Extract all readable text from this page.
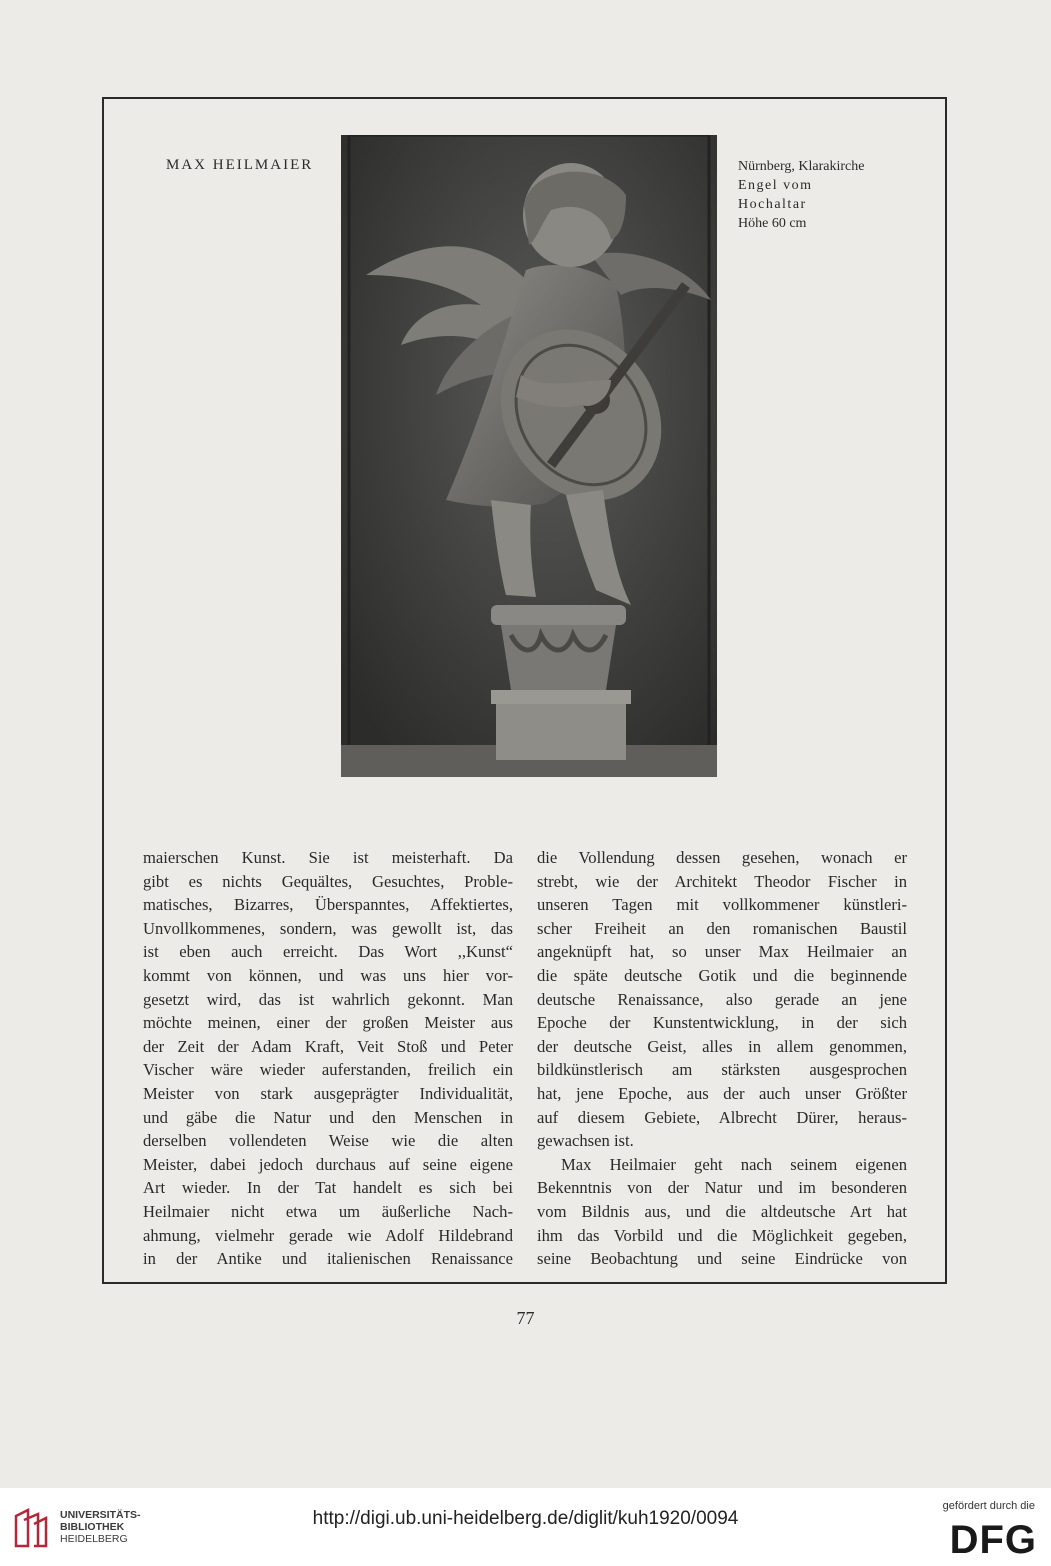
MAX HEILMAIER	Nürnberg, Klarakirche
Engel vom
Hochaltar
Höhe 60 cm
maierschen Kunst. Sie ist meisterhaft. Da
gibt es nichts Gequältes, Gesuchtes, Proble-
matisches, Bizarres, Überspanntes, Affektiertes,
Unvollkommenes, sondern, was gewollt ist, das
ist eben auch erreicht. Das Wort ,,Kunst“
kommt von können, und was uns hier vor-
gesetzt wird, das ist wahrlich gekonnt. Man
möchte meinen, einer der großen Meister aus
der Zeit der Adam Kraft, Veit Stoß und Peter
Vischer wäre wieder auferstanden, freilich ein
Meister von stark ausgeprägter Individualität,
und gäbe die Natur und den Menschen in
derselben vollendeten Weise wie die alten
Meister, dabei jedoch durchaus auf seine eigene
Art wieder. In der Tat handelt es sich bei
Heilmaier nicht etwa um äußerliche Nach-
ahmung, vielmehr gerade wie Adolf Hildebrand
in der Antike und italienischen Renaissance
die Vollendung dessen gesehen, wonach er
strebt, wie der Architekt Theodor Fischer in
unseren Tagen mit vollkommener künstleri-
scher Freiheit an den romanischen Baustil
angeknüpft hat, so unser Max Heilmaier an
die späte deutsche Gotik und die beginnende
deutsche Renaissance, also gerade an jene
Epoche der Kunstentwicklung, in der sich
der deutsche Geist, alles in allem genommen,
bildkünstlerisch am stärksten ausgesprochen
hat, jene Epoche, aus der auch unser Größter
auf diesem Gebiete, Albrecht Dürer, heraus-
gewachsen ist.
Max Heilmaier geht nach seinem eigenen
Bekenntnis von der Natur und im besonderen
vom Bildnis aus, und die altdeutsche Art hat
ihm das Vorbild und die Möglichkeit gegeben,
seine Beobachtung und seine Eindrücke von
77
UNIVERSITÄTS-
BIBLIOTHEK
HEIDELBERG
http://digi.ub.uni-heidelberg.de/diglit/kuh1920/0094
gefördert durch die
DFG
